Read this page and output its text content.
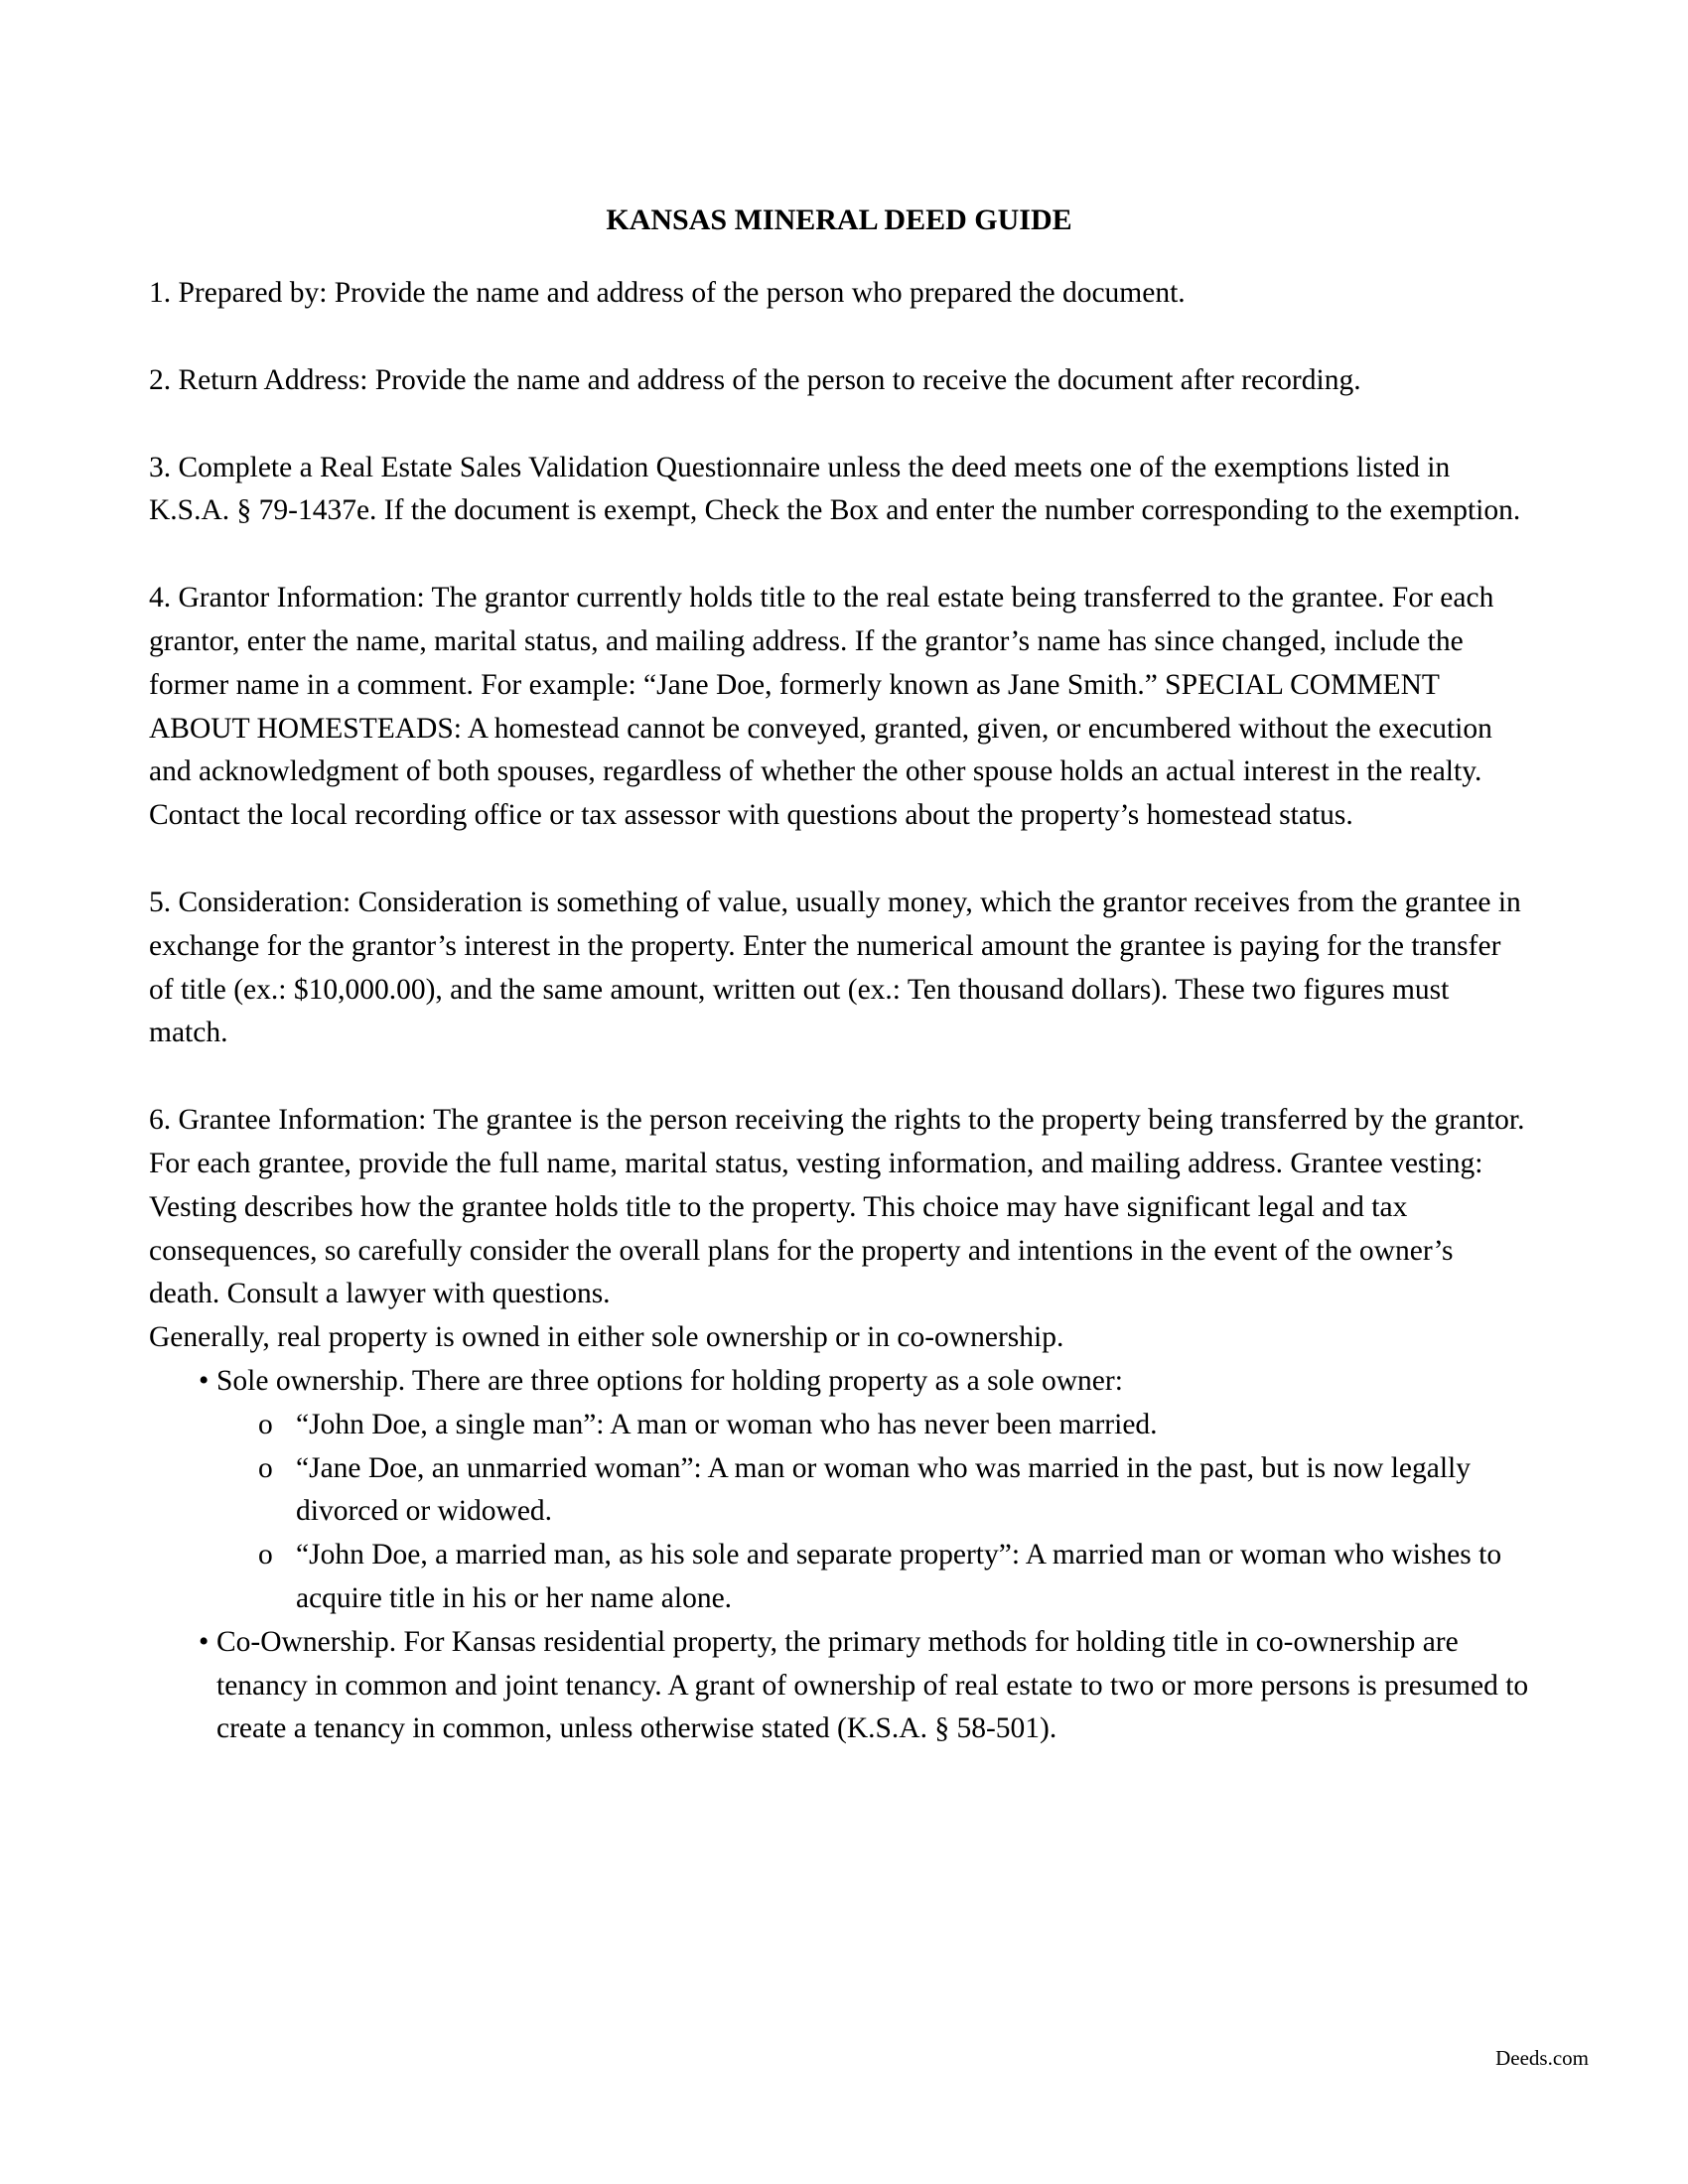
KANSAS MINERAL DEED GUIDE

1. Prepared by: Provide the name and address of the person who prepared the document.

2. Return Address: Provide the name and address of the person to receive the document after recording.

3. Complete a Real Estate Sales Validation Questionnaire unless the deed meets one of the exemptions listed in K.S.A. § 79-1437e. If the document is exempt, Check the Box and enter the number corresponding to the exemption.

4. Grantor Information: The grantor currently holds title to the real estate being transferred to the grantee. For each grantor, enter the name, marital status, and mailing address. If the grantor’s name has since changed, include the former name in a comment. For example: “Jane Doe, formerly known as Jane Smith.” SPECIAL COMMENT ABOUT HOMESTEADS: A homestead cannot be conveyed, granted, given, or encumbered without the execution and acknowledgment of both spouses, regardless of whether the other spouse holds an actual interest in the realty. Contact the local recording office or tax assessor with questions about the property’s homestead status.

5. Consideration: Consideration is something of value, usually money, which the grantor receives from the grantee in exchange for the grantor’s interest in the property. Enter the numerical amount the grantee is paying for the transfer of title (ex.: $10,000.00), and the same amount, written out (ex.: Ten thousand dollars). These two figures must match.

6. Grantee Information: The grantee is the person receiving the rights to the property being transferred by the grantor. For each grantee, provide the full name, marital status, vesting information, and mailing address. Grantee vesting: Vesting describes how the grantee holds title to the property. This choice may have significant legal and tax consequences, so carefully consider the overall plans for the property and intentions in the event of the owner’s death. Consult a lawyer with questions.

Generally, real property is owned in either sole ownership or in co-ownership.

• Sole ownership. There are three options for holding property as a sole owner:
o “John Doe, a single man”: A man or woman who has never been married.
o “Jane Doe, an unmarried woman”: A man or woman who was married in the past, but is now legally divorced or widowed.
o “John Doe, a married man, as his sole and separate property”: A married man or woman who wishes to acquire title in his or her name alone.
• Co-Ownership. For Kansas residential property, the primary methods for holding title in co-ownership are tenancy in common and joint tenancy. A grant of ownership of real estate to two or more persons is presumed to create a tenancy in common, unless otherwise stated (K.S.A. § 58-501).
Deeds.com
